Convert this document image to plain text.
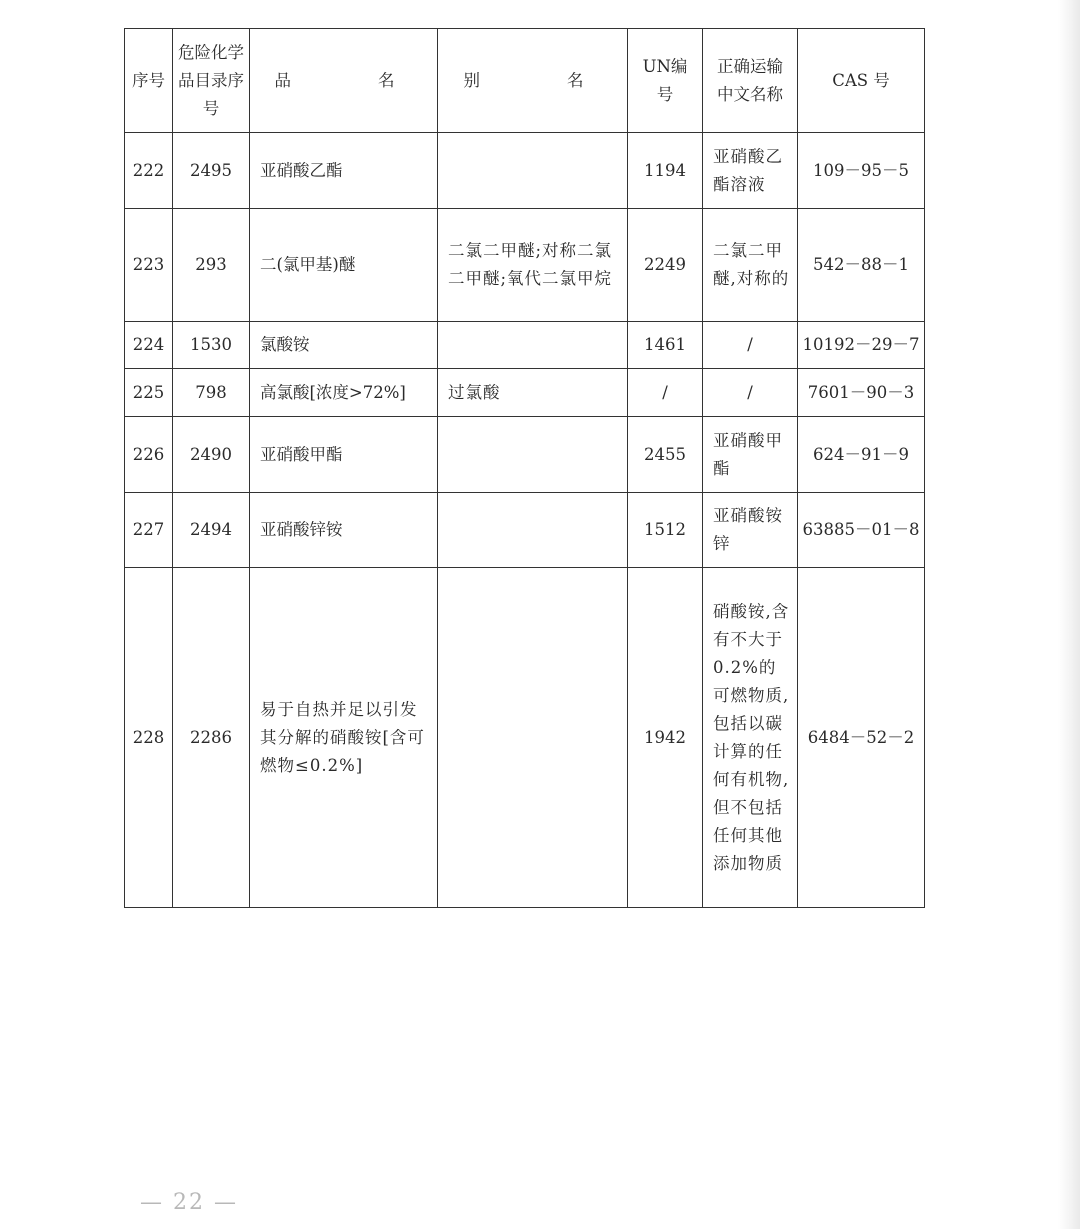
序号	危险化学品目录序号	品　　名	别　　名	UN编号	正确运输中文名称	CAS 号
222	2495	亚硝酸乙酯		1194	亚硝酸乙酯溶液	109－95－5
223	293	二(氯甲基)醚	二氯二甲醚;对称二氯二甲醚;氧代二氯甲烷	2249	二氯二甲醚,对称的	542－88－1
224	1530	氯酸铵		1461	/	10192－29－7
225	798	高氯酸[浓度>72%]	过氯酸	/	/	7601－90－3
226	2490	亚硝酸甲酯		2455	亚硝酸甲酯	624－91－9
227	2494	亚硝酸锌铵		1512	亚硝酸铵锌	63885－01－8
228	2286	易于自热并足以引发其分解的硝酸铵[含可燃物≤0.2%]		1942	硝酸铵,含有不大于0.2%的可燃物质,包括以碳计算的任何有机物,但不包括任何其他添加物质	6484－52－2
— 22 —
